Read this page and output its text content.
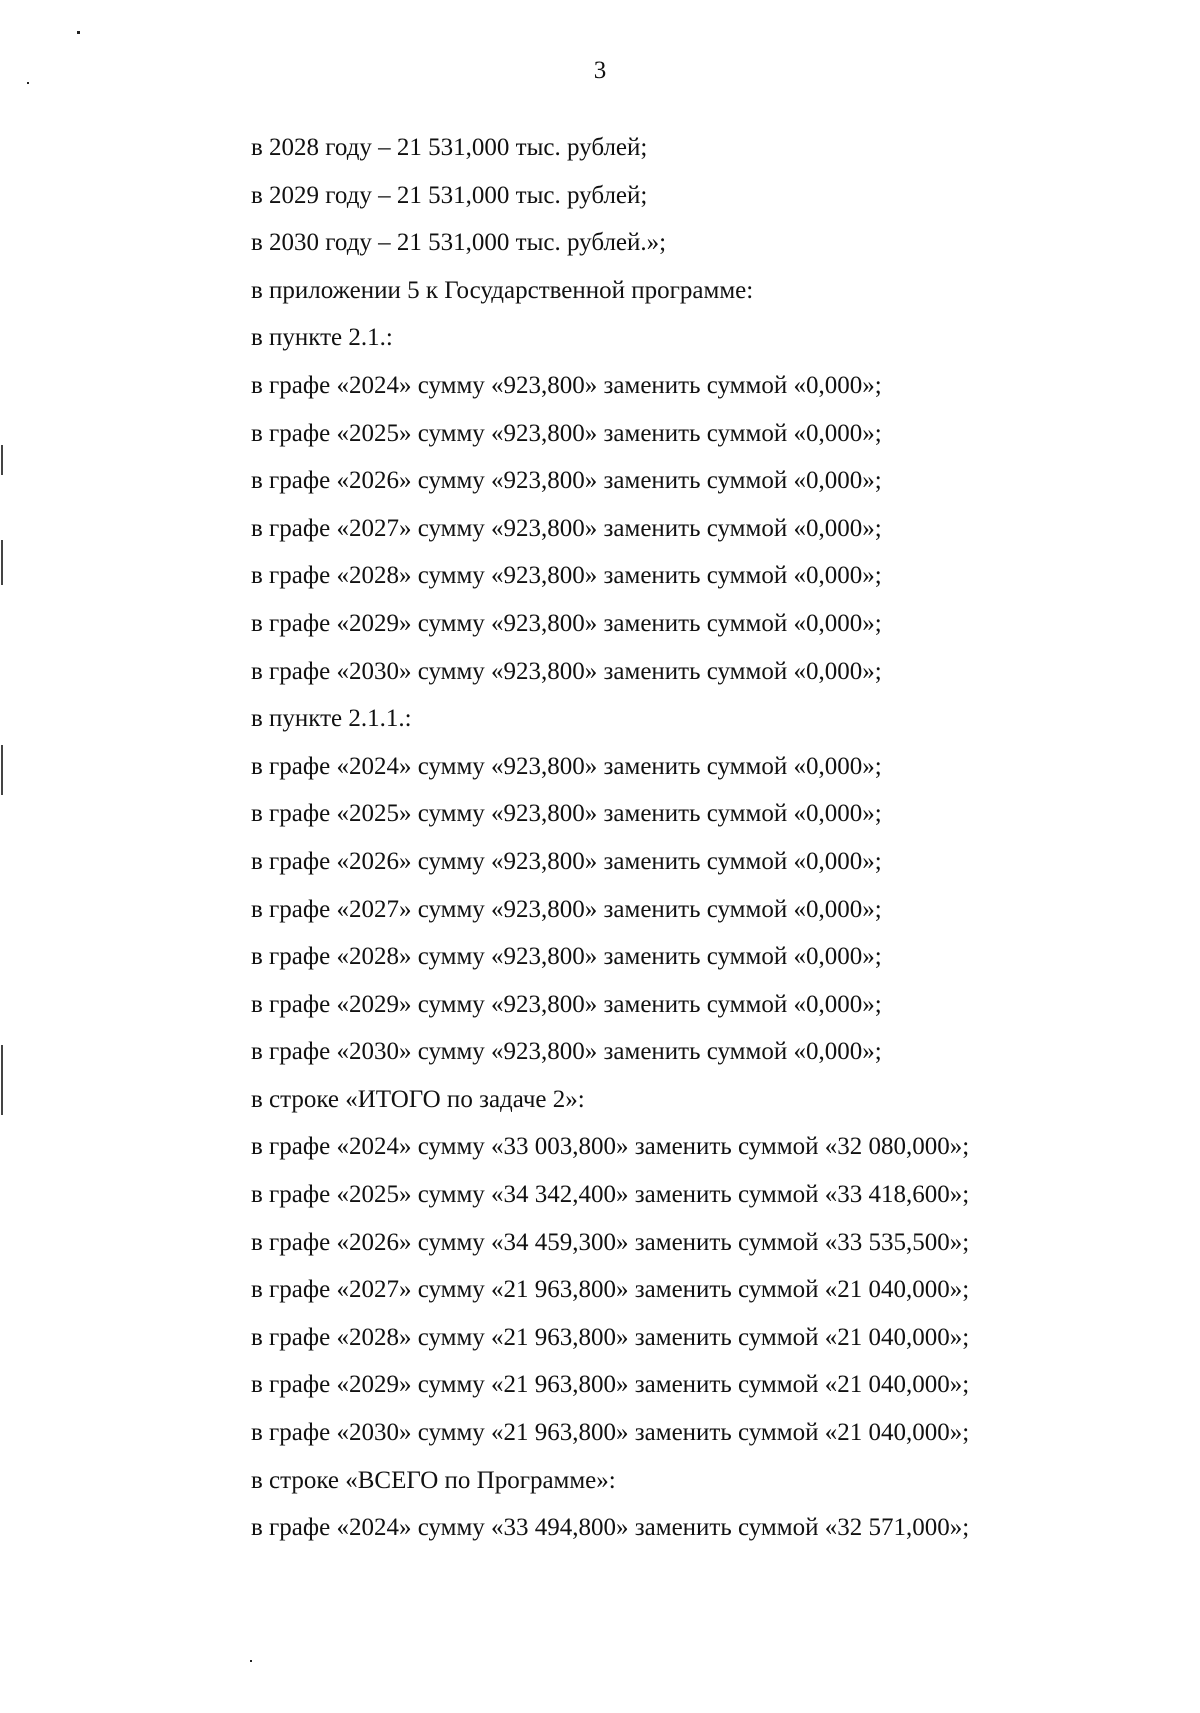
3
в 2028 году – 21 531,000 тыс. рублей;
в 2029 году – 21 531,000 тыс. рублей;
в 2030 году – 21 531,000 тыс. рублей.»;
в приложении 5 к Государственной программе:
в пункте 2.1.:
в графе «2024» сумму «923,800» заменить суммой «0,000»;
в графе «2025» сумму «923,800» заменить суммой «0,000»;
в графе «2026» сумму «923,800» заменить суммой «0,000»;
в графе «2027» сумму «923,800» заменить суммой «0,000»;
в графе «2028» сумму «923,800» заменить суммой «0,000»;
в графе «2029» сумму «923,800» заменить суммой «0,000»;
в графе «2030» сумму «923,800» заменить суммой «0,000»;
в пункте 2.1.1.:
в графе «2024» сумму «923,800» заменить суммой «0,000»;
в графе «2025» сумму «923,800» заменить суммой «0,000»;
в графе «2026» сумму «923,800» заменить суммой «0,000»;
в графе «2027» сумму «923,800» заменить суммой «0,000»;
в графе «2028» сумму «923,800» заменить суммой «0,000»;
в графе «2029» сумму «923,800» заменить суммой «0,000»;
в графе «2030» сумму «923,800» заменить суммой «0,000»;
в строке «ИТОГО по задаче 2»:
в графе «2024» сумму «33 003,800» заменить суммой «32 080,000»;
в графе «2025» сумму «34 342,400» заменить суммой «33 418,600»;
в графе «2026» сумму «34 459,300» заменить суммой «33 535,500»;
в графе «2027» сумму «21 963,800» заменить суммой «21 040,000»;
в графе «2028» сумму «21 963,800» заменить суммой «21 040,000»;
в графе «2029» сумму «21 963,800» заменить суммой «21 040,000»;
в графе «2030» сумму «21 963,800» заменить суммой «21 040,000»;
в строке «ВСЕГО по Программе»:
в графе «2024» сумму «33 494,800» заменить суммой «32 571,000»;
